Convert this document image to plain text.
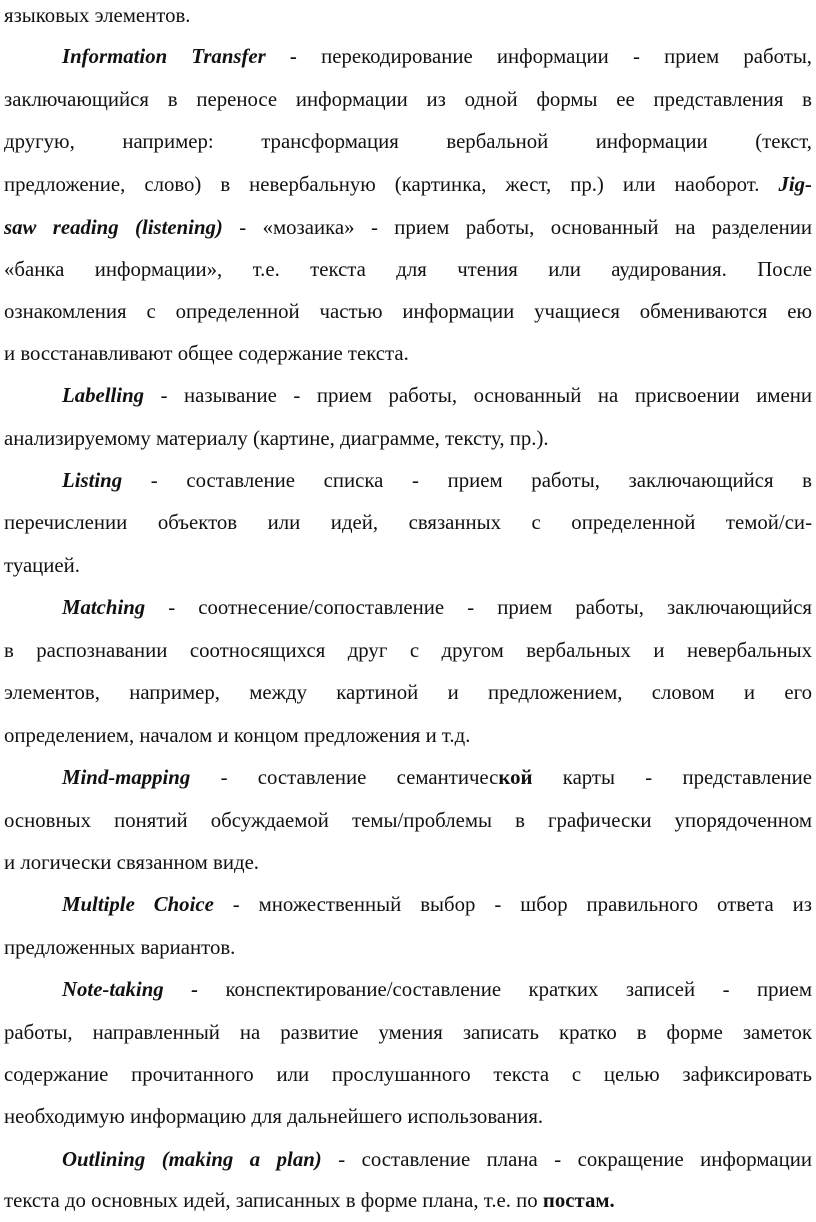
языковых элементов.
Information Transfer - перекодирование информации - прием работы,
заключающийся в переносе информации из одной формы ее представления в
другую, например: трансформация вербальной информации (текст,
предложение, слово) в невербальную (картинка, жест, пр.) или наоборот. Jig-
saw reading (listening) - «мозаика» - прием работы, основанный на разделении
«банка информации», т.е. текста для чтения или аудирования. После
ознакомления с определенной частью информации учащиеся обмениваются ею
и восстанавливают общее содержание текста.
Labelling - называние - прием работы, основанный на присвоении имени
анализируемому материалу (картине, диаграмме, тексту, пр.).
Listing - составление списка - прием работы, заключающийся в
перечислении объектов или идей, связанных с определенной темой/си-
туацией.
Matching - соотнесение/сопоставление - прием работы, заключающийся
в распознавании соотносящихся друг с другом вербальных и невербальных
элементов, например, между картиной и предложением, словом и его
определением, началом и концом предложения и т.д.
Mind-mapping - составление семантической карты - представление
основных понятий обсуждаемой темы/проблемы в графически упорядоченном
и логически связанном виде.
Multiple Choice - множественный выбор - шбор правильного ответа из
предложенных вариантов.
Note-taking - конспектирование/составление кратких записей - прием
работы, направленный на развитие умения записать кратко в форме заметок
содержание прочитанного или прослушанного текста с целью зафиксировать
необходимую информацию для дальнейшего использования.
Outlining (making a plan) - составление плана - сокращение информации
текста до основных идей, записанных в форме плана, т.е. по постам.
